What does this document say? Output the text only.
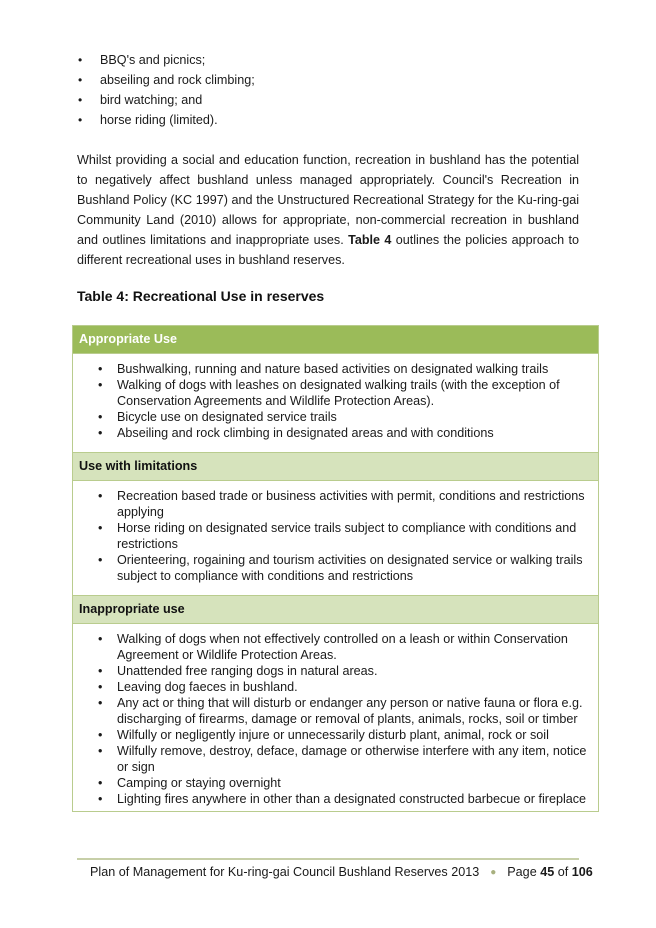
• BBQ's and picnics;
• abseiling and rock climbing;
• bird watching; and
• horse riding (limited).

Whilst providing a social and education function, recreation in bushland has the potential to negatively affect bushland unless managed appropriately. Council's Recreation in Bushland Policy (KC 1997) and the Unstructured Recreational Strategy for the Ku-ring-gai Community Land (2010) allows for appropriate, non-commercial recreation in bushland and outlines limitations and inappropriate uses. Table 4 outlines the policies approach to different recreational uses in bushland reserves.

Table 4: Recreational Use in reserves

Appropriate Use
• Bushwalking, running and nature based activities on designated walking trails
• Walking of dogs with leashes on designated walking trails (with the exception of Conservation Agreements and Wildlife Protection Areas).
• Bicycle use on designated service trails
• Abseiling and rock climbing in designated areas and with conditions
Use with limitations
• Recreation based trade or business activities with permit, conditions and restrictions applying
• Horse riding on designated service trails subject to compliance with conditions and restrictions
• Orienteering, rogaining and tourism activities on designated service or walking trails subject to compliance with conditions and restrictions
Inappropriate use
• Walking of dogs when not effectively controlled on a leash or within Conservation Agreement or Wildlife Protection Areas.
• Unattended free ranging dogs in natural areas.
• Leaving dog faeces in bushland.
• Any act or thing that will disturb or endanger any person or native fauna or flora e.g. discharging of firearms, damage or removal of plants, animals, rocks, soil or timber
• Wilfully or negligently injure or unnecessarily disturb plant, animal, rock or soil
• Wilfully remove, destroy, deface, damage or otherwise interfere with any item, notice or sign
• Camping or staying overnight
• Lighting fires anywhere in other than a designated constructed barbecue or fireplace
Plan of Management for Ku-ring-gai Council Bushland Reserves 2013 ● Page 45 of 106
